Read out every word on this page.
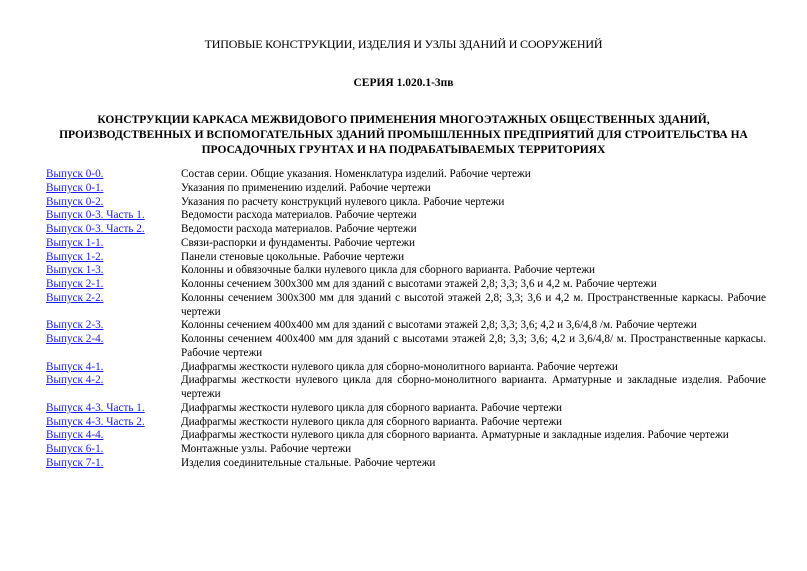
ТИПОВЫЕ КОНСТРУКЦИИ, ИЗДЕЛИЯ И УЗЛЫ ЗДАНИЙ И СООРУЖЕНИЙ
СЕРИЯ 1.020.1-3пв
КОНСТРУКЦИИ КАРКАСА МЕЖВИДОВОГО ПРИМЕНЕНИЯ МНОГОЭТАЖНЫХ ОБЩЕСТВЕННЫХ ЗДАНИЙ, ПРОИЗВОДСТВЕННЫХ И ВСПОМОГАТЕЛЬНЫХ ЗДАНИЙ ПРОМЫШЛЕННЫХ ПРЕДПРИЯТИЙ ДЛЯ СТРОИТЕЛЬСТВА НА ПРОСАДОЧНЫХ ГРУНТАХ И НА ПОДРАБАТЫВАЕМЫХ ТЕРРИТОРИЯХ
Выпуск 0-0.	Состав серии. Общие указания. Номенклатура изделий. Рабочие чертежи
Выпуск 0-1.	Указания по применению изделий. Рабочие чертежи
Выпуск 0-2.	Указания по расчету конструкций нулевого цикла. Рабочие чертежи
Выпуск 0-3. Часть 1.	Ведомости расхода материалов. Рабочие чертежи
Выпуск 0-3. Часть 2.	Ведомости расхода материалов. Рабочие чертежи
Выпуск 1-1.	Связи-распорки и фундаменты. Рабочие чертежи
Выпуск 1-2.	Панели стеновые цокольные. Рабочие чертежи
Выпуск 1-3.	Колонны и обвязочные балки нулевого цикла для сборного варианта. Рабочие чертежи
Выпуск 2-1.	Колонны сечением 300x300 мм для зданий с высотами этажей 2,8; 3,3; 3,6 и 4,2 м. Рабочие чертежи
Выпуск 2-2.	Колонны сечением 300x300 мм для зданий с высотой этажей 2,8; 3,3; 3,6 и 4,2 м. Пространственные каркасы. Рабочие чертежи
Выпуск 2-3.	Колонны сечением 400x400 мм для зданий с высотами этажей 2,8; 3,3; 3,6; 4,2 и 3,6/4,8 /м. Рабочие чертежи
Выпуск 2-4.	Колонны сечением 400x400 мм для зданий с высотами этажей 2,8; 3,3; 3,6; 4,2 и 3,6/4,8/ м. Пространственные каркасы. Рабочие чертежи
Выпуск 4-1.	Диафрагмы жесткости нулевого цикла для сборно-монолитного варианта. Рабочие чертежи
Выпуск 4-2.	Диафрагмы жесткости нулевого цикла для сборно-монолитного варианта. Арматурные и закладные изделия. Рабочие чертежи
Выпуск 4-3. Часть 1.	Диафрагмы жесткости нулевого цикла для сборного варианта. Рабочие чертежи
Выпуск 4-3. Часть 2.	Диафрагмы жесткости нулевого цикла для сборного варианта. Рабочие чертежи
Выпуск 4-4.	Диафрагмы жесткости нулевого цикла для сборного варианта. Арматурные и закладные изделия. Рабочие чертежи
Выпуск 6-1.	Монтажные узлы. Рабочие чертежи
Выпуск 7-1.	Изделия соединительные стальные. Рабочие чертежи
